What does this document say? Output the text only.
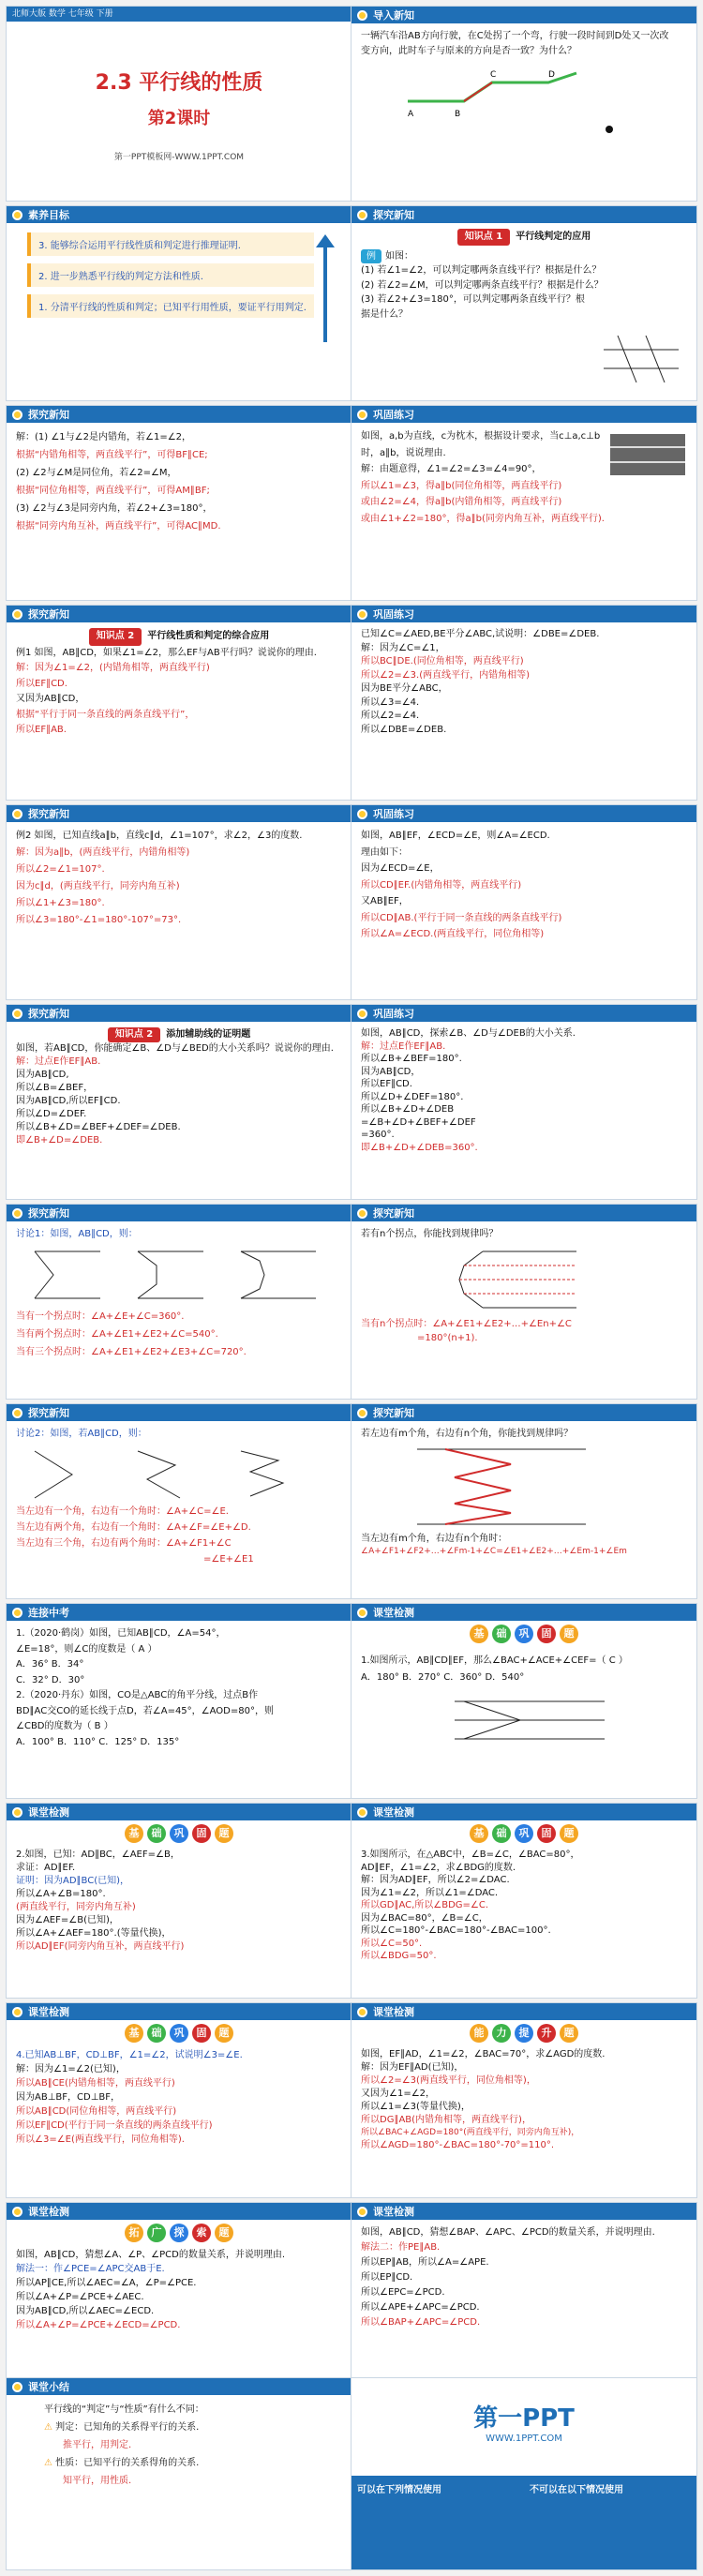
北师大版 数学 七年级 下册
2.3 平行线的性质
第2课时
第一PPT模板网-WWW.1PPT.COM
导入新知
一辆汽车沿AB方向行驶，在C处拐了一个弯，行驶一段时间到D处又一次改变方向，此时车子与原来的方向是否一致？为什么？
A	B
C	D
素养目标
3. 能够综合运用平行线性质和判定进行推理证明.
2. 进一步熟悉平行线的判定方法和性质.
1. 分清平行线的性质和判定；已知平行用性质，要证平行用判定.
探究新知
知识点 1 平行线判定的应用
例 如图：
(1) 若∠1=∠2，可以判定哪两条直线平行？根据是什么？
(2) 若∠2=∠M，可以判定哪两条直线平行？根据是什么？
(3) 若∠2+∠3=180°，可以判定哪两条直线平行？根据是什么？
探究新知
解：(1) ∠1与∠2是内错角，若∠1=∠2，
根据“内错角相等，两直线平行”，可得BF∥CE;
(2) ∠2与∠M是同位角，若∠2=∠M，
根据“同位角相等，两直线平行”，可得AM∥BF;
(3) ∠2与∠3是同旁内角，若∠2+∠3=180°，
根据“同旁内角互补，两直线平行”，可得AC∥MD.
巩固练习
如图，a,b为直线，c为枕木，根据设计要求，当c⊥a,c⊥b时，a∥b，说说理由.
解：由题意得，∠1=∠2=∠3=∠4=90°，
所以∠1=∠3，得a∥b(同位角相等，两直线平行)
或由∠2=∠4，得a∥b(内错角相等，两直线平行)
或由∠1+∠2=180°，得a∥b(同旁内角互补，两直线平行).
探究新知
知识点 2 平行线性质和判定的综合应用
例1 如图，AB∥CD，如果∠1=∠2，那么EF与AB平行吗？说说你的理由.
解：因为∠1=∠2，(内错角相等，两直线平行)
所以EF∥CD.
又因为AB∥CD，
根据“平行于同一条直线的两条直线平行”，
所以EF∥AB.
巩固练习
已知∠C=∠AED,BE平分∠ABC,试说明：∠DBE=∠DEB.
解：因为∠C=∠1，
所以BC∥DE.(同位角相等，两直线平行)
所以∠2=∠3.(两直线平行，内错角相等)
因为BE平分∠ABC，
所以∠3=∠4.
所以∠2=∠4.
所以∠DBE=∠DEB.
探究新知
例2 如图，已知直线a∥b，直线c∥d，∠1=107°，求∠2，∠3的度数.
解：因为a∥b，(两直线平行，内错角相等)
所以∠2=∠1=107°.
因为c∥d，(两直线平行，同旁内角互补)
所以∠1+∠3=180°.
所以∠3=180°-∠1=180°-107°=73°.
巩固练习
如图，AB∥EF，∠ECD=∠E，则∠A=∠ECD.
理由如下：
因为∠ECD=∠E，
所以CD∥EF.(内错角相等，两直线平行)
又AB∥EF，
所以CD∥AB.(平行于同一条直线的两条直线平行)
所以∠A=∠ECD.(两直线平行，同位角相等)
探究新知
知识点 2 添加辅助线的证明题
如图，若AB∥CD，你能确定∠B、∠D与∠BED的大小关系吗？说说你的理由.
解：过点E作EF∥AB.
因为AB∥CD,
所以∠B=∠BEF，
因为AB∥CD,所以EF∥CD.
所以∠D=∠DEF.
所以∠B+∠D=∠BEF+∠DEF=∠DEB.
即∠B+∠D=∠DEB.
巩固练习
如图，AB∥CD，探索∠B、∠D与∠DEB的大小关系.
解：过点E作EF∥AB.
所以∠B+∠BEF=180°.
因为AB∥CD，
所以EF∥CD.
所以∠D+∠DEF=180°.
所以∠B+∠D+∠DEB
=∠B+∠D+∠BEF+∠DEF
=360°.
即∠B+∠D+∠DEB=360°.
探究新知
讨论1：如图，AB∥CD，则：
当有一个拐点时：∠A+∠E+∠C=360°.
当有两个拐点时：∠A+∠E1+∠E2+∠C=540°.
当有三个拐点时：∠A+∠E1+∠E2+∠E3+∠C=720°.
探究新知
若有n个拐点，你能找到规律吗？
当有n个拐点时：∠A+∠E1+∠E2+…+∠En+∠C
=180°(n+1).
探究新知
讨论2：如图，若AB∥CD，则：
当左边有一个角，右边有一个角时：∠A+∠C=∠E.
当左边有两个角，右边有一个角时：∠A+∠F=∠E+∠D.
当左边有三个角，右边有两个角时：∠A+∠F1+∠C
=∠E+∠E1
探究新知
若左边有m个角，右边有n个角，你能找到规律吗？
当左边有m个角，右边有n个角时：
∠A+∠F1+∠F2+…+∠Fm-1+∠C=∠E1+∠E2+…+∠Em-1+∠Em
连接中考
1.（2020·鹤岗）如图，已知AB∥CD，∠A=54°，∠E=18°，则∠C的度数是（ A ）
A．36° B．34°
C．32° D．30°
2.（2020·丹东）如图，CO是△ABC的角平分线，过点B作BD∥AC交CO的延长线于点D，若∠A=45°，∠AOD=80°，则∠CBD的度数为（ B ）
A．100° B．110° C．125° D．135°
课堂检测
基 础 巩 固 题
1.如图所示，AB∥CD∥EF，那么∠BAC+∠ACE+∠CEF=（ C ）
A．180° B．270° C．360° D．540°
课堂检测
基 础 巩 固 题
2.如图，已知：AD∥BC，∠AEF=∠B，
求证：AD∥EF.
证明：因为AD∥BC(已知)，
所以∠A+∠B=180°.
(两直线平行，同旁内角互补)
因为∠AEF=∠B(已知)，
所以∠A+∠AEF=180°.(等量代换)，
所以AD∥EF(同旁内角互补，两直线平行)
课堂检测
基 础 巩 固 题
3.如图所示，在△ABC中，∠B=∠C，∠BAC=80°，AD∥EF，∠1=∠2，求∠BDG的度数.
解：因为AD∥EF，所以∠2=∠DAC.
因为∠1=∠2，所以∠1=∠DAC.
所以GD∥AC,所以∠BDG=∠C.
因为∠BAC=80°，∠B=∠C，
所以∠C=180°-∠BAC=180°-∠BAC=100°.
所以∠C=50°.
所以∠BDG=50°.
课堂检测
基 础 巩 固 题
4.已知AB⊥BF，CD⊥BF，∠1=∠2，试说明∠3=∠E.
解：因为∠1=∠2(已知)，
所以AB∥CE(内错角相等，两直线平行)
因为AB⊥BF，CD⊥BF，
所以AB∥CD(同位角相等，两直线平行)
所以EF∥CD(平行于同一条直线的两条直线平行)
所以∠3=∠E(两直线平行，同位角相等).
课堂检测
能 力 提 升 题
如图，EF∥AD，∠1=∠2，∠BAC=70°，求∠AGD的度数.
解：因为EF∥AD(已知)，
所以∠2=∠3(两直线平行，同位角相等)，
又因为∠1=∠2，
所以∠1=∠3(等量代换)，
所以DG∥AB(内错角相等，两直线平行)，
所以∠BAC+∠AGD=180°(两直线平行，同旁内角互补)，
所以∠AGD=180°-∠BAC=180°-70°=110°.
课堂检测
拓 广 探 索 题
如图，AB∥CD，猜想∠A、∠P、∠PCD的数量关系，并说明理由.
解法一：作∠PCE=∠APC交AB于E.
所以AP∥CE,所以∠AEC=∠A，∠P=∠PCE.
所以∠A+∠P=∠PCE+∠AEC.
因为AB∥CD,所以∠AEC=∠ECD.
所以∠A+∠P=∠PCE+∠ECD=∠PCD.
课堂检测
如图，AB∥CD，猜想∠BAP、∠APC、∠PCD的数量关系，并说明理由.
解法二：作PE∥AB.
所以EP∥AB，所以∠A=∠APE.
所以EP∥CD.
所以∠EPC=∠PCD.
所以∠APE+∠APC=∠PCD.
所以∠BAP+∠APC=∠PCD.
课堂小结
平行线的“判定”与“性质”有什么不同：
⚠ 判定：已知角的关系得平行的关系.
推平行，用判定.
⚠ 性质：已知平行的关系得角的关系.
知平行，用性质.
第一PPT
WWW.1PPT.COM
可以在下列情况使用	不可以在以下情况使用
